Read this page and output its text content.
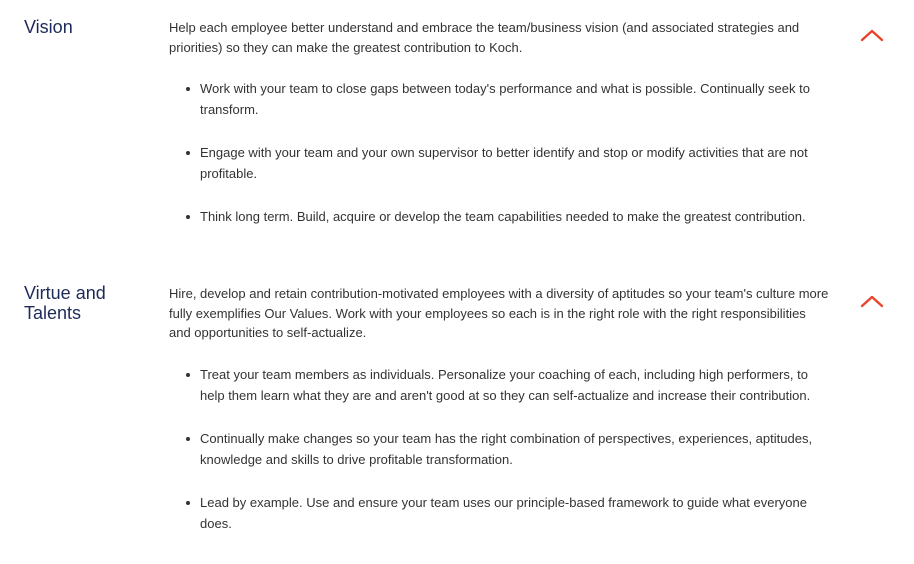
Vision	Help each employee better understand and embrace the team/business vision (and associated strategies and priorities) so they can make the greatest contribution to Koch.

Work with your team to close gaps between today's performance and what is possible. Continually seek to transform.
Engage with your team and your own supervisor to better identify and stop or modify activities that are not profitable.
Think long term. Build, acquire or develop the team capabilities needed to make the greatest contribution.
Virtue and
Talents

Hire, develop and retain contribution-motivated employees with a diversity of aptitudes so your team's culture more fully exemplifies Our Values. Work with your employees so each is in the right role with the right responsibilities and opportunities to self-actualize.

Treat your team members as individuals. Personalize your coaching of each, including high performers, to help them learn what they are and aren't good at so they can self-actualize and increase their contribution.
Continually make changes so your team has the right combination of perspectives, experiences, aptitudes, knowledge and skills to drive profitable transformation.
Lead by example. Use and ensure your team uses our principle-based framework to guide what everyone does.
